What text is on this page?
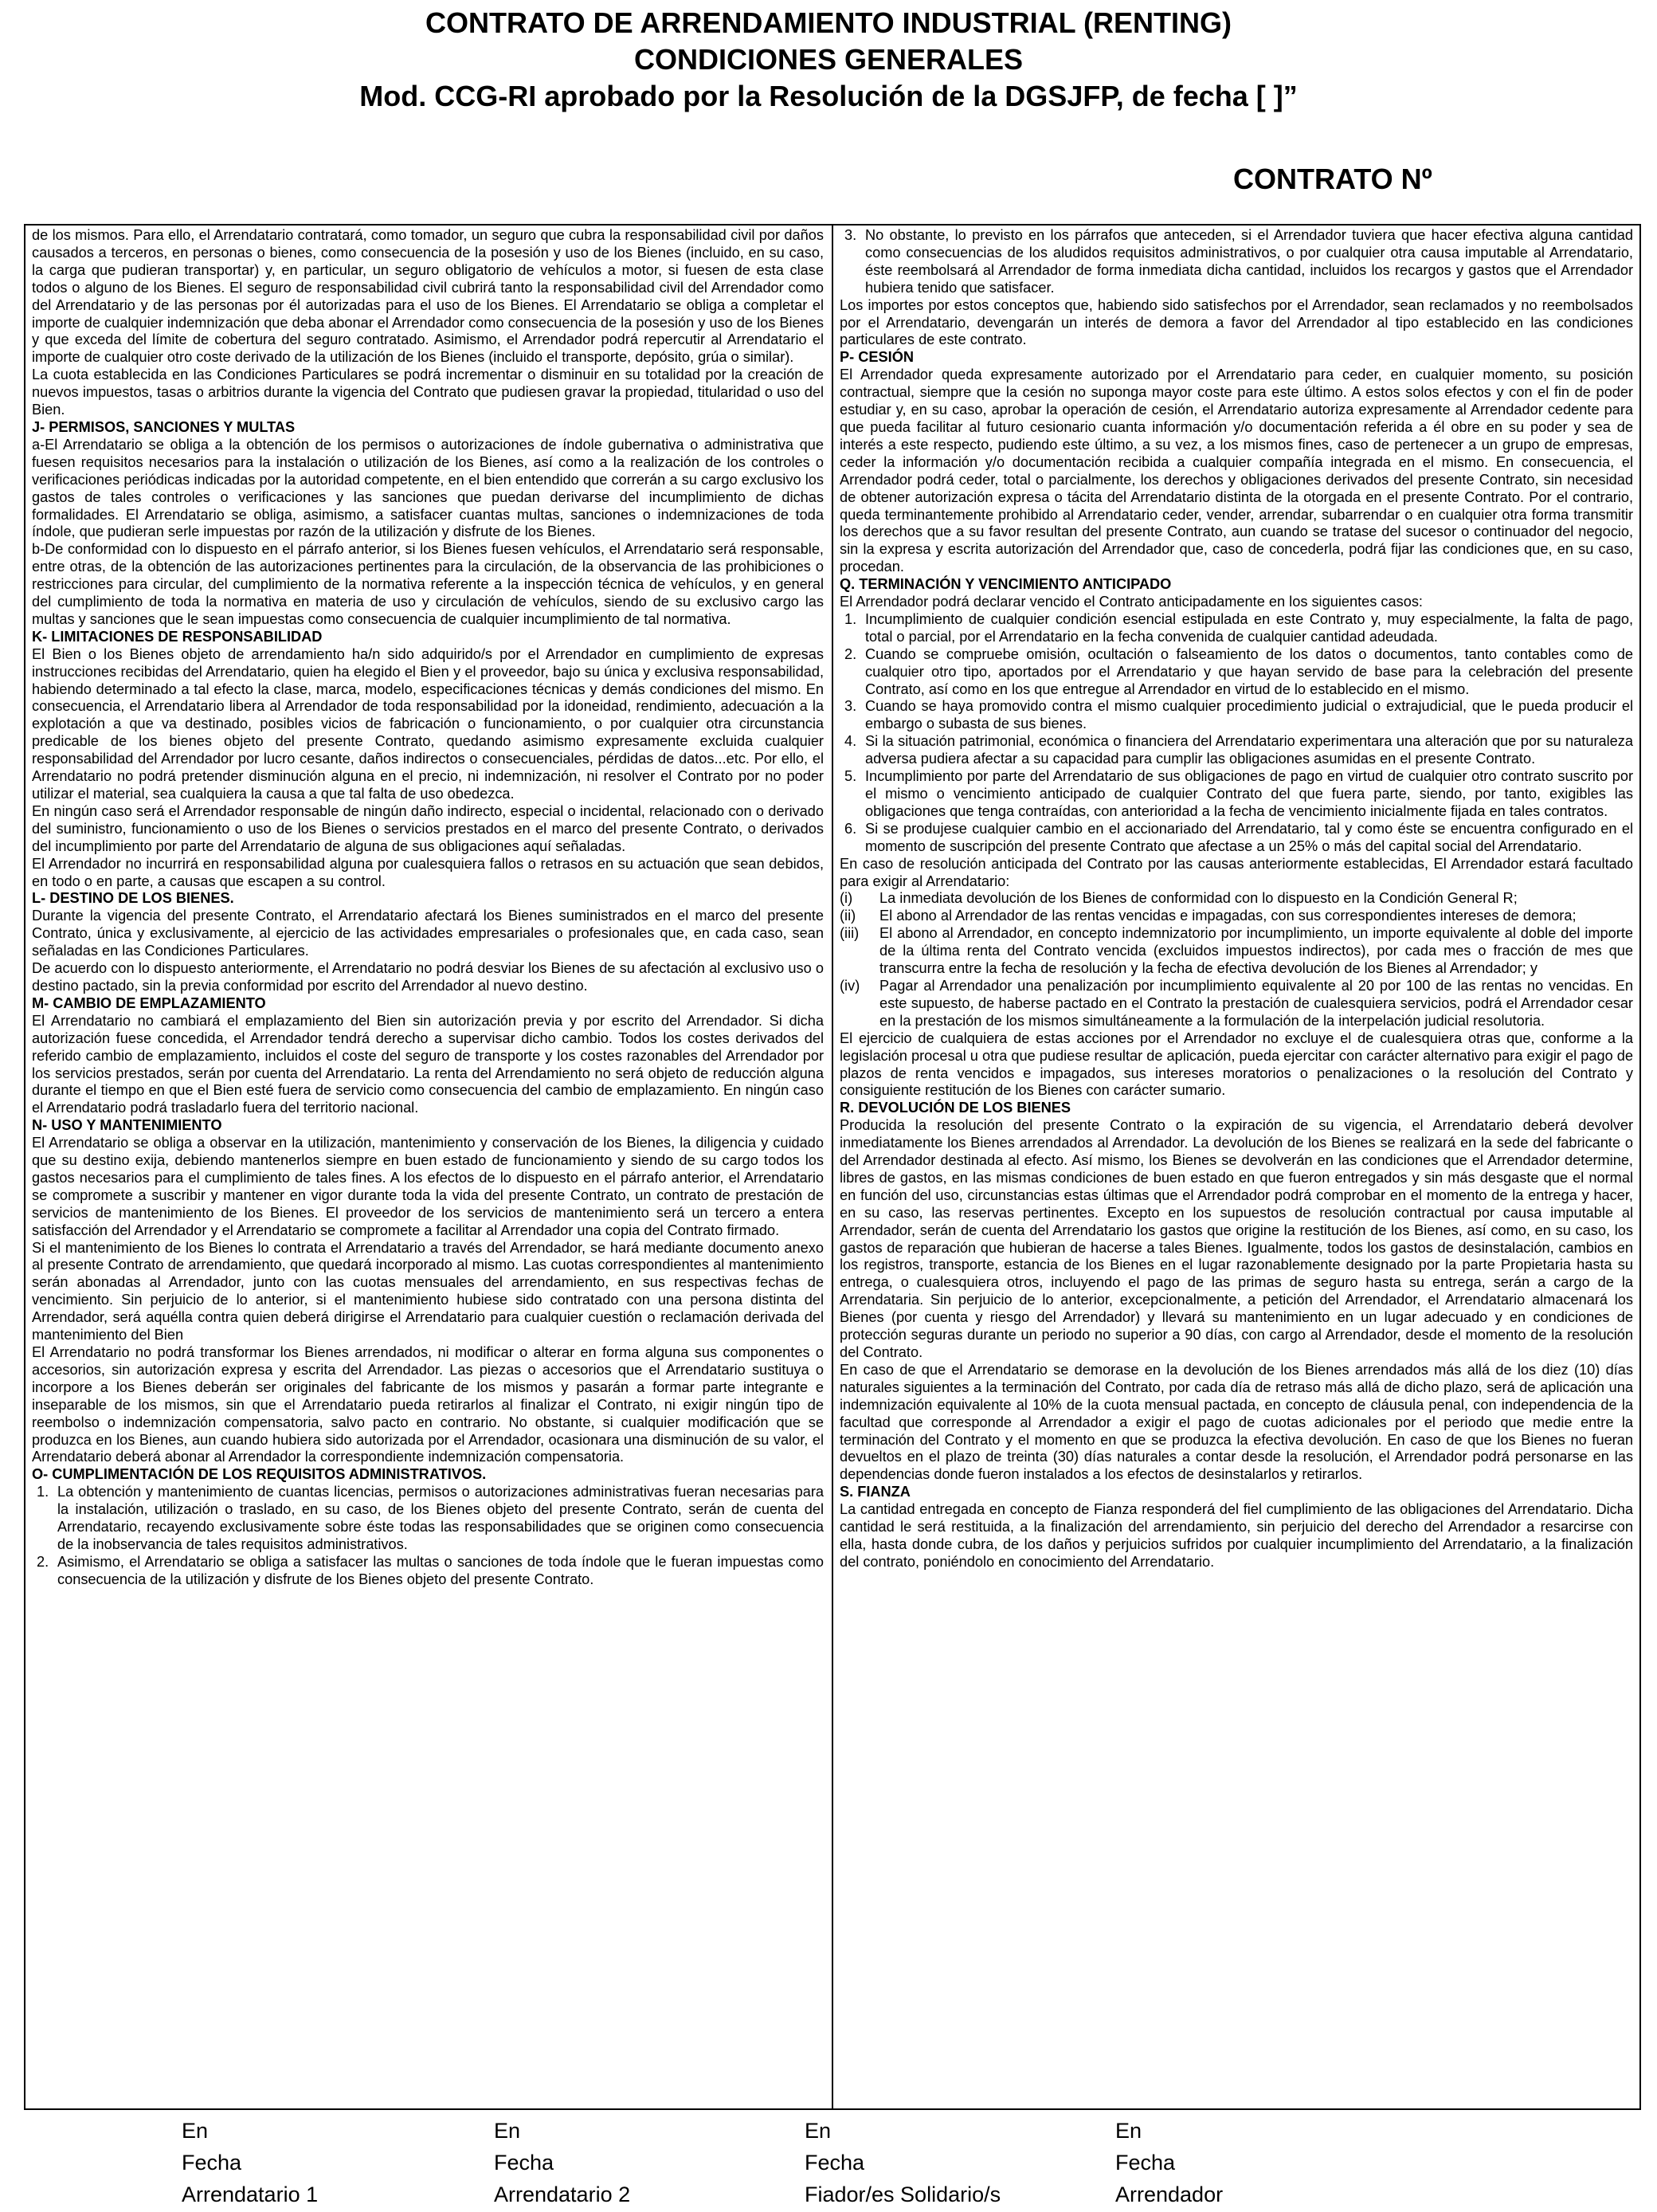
CONTRATO DE ARRENDAMIENTO INDUSTRIAL (RENTING)

CONDICIONES GENERALES

Mod. CCG-RI aprobado por la Resolución de la DGSJFP, de fecha [ ]”

CONTRATO Nº

de los mismos. Para ello, el Arrendatario contratará, como tomador, un seguro que cubra la responsabilidad civil por daños causados a terceros, en personas o bienes, como consecuencia de la posesión y uso de los Bienes (incluido, en su caso, la carga que pudieran transportar) y, en particular, un seguro obligatorio de vehículos a motor, si fuesen de esta clase todos o alguno de los Bienes. El seguro de responsabilidad civil cubrirá tanto la responsabilidad civil del Arrendador como del Arrendatario y de las personas por él autorizadas para el uso de los Bienes. El Arrendatario se obliga a completar el importe de cualquier indemnización que deba abonar el Arrendador como consecuencia de la posesión y uso de los Bienes y que exceda del límite de cobertura del seguro contratado. Asimismo, el Arrendador podrá repercutir al Arrendatario el importe de cualquier otro coste derivado de la utilización de los Bienes (incluido el transporte, depósito, grúa o similar).

La cuota establecida en las Condiciones Particulares se podrá incrementar o disminuir en su totalidad por la creación de nuevos impuestos, tasas o arbitrios durante la vigencia del Contrato que pudiesen gravar la propiedad, titularidad o uso del Bien.

J- PERMISOS, SANCIONES Y MULTAS

a-El Arrendatario se obliga a la obtención de los permisos o autorizaciones de índole gubernativa o administrativa que fuesen requisitos necesarios para la instalación o utilización de los Bienes, así como a la realización de los controles o verificaciones periódicas indicadas por la autoridad competente, en el bien entendido que correrán a su cargo exclusivo los gastos de tales controles o verificaciones y las sanciones que puedan derivarse del incumplimiento de dichas formalidades. El Arrendatario se obliga, asimismo, a satisfacer cuantas multas, sanciones o indemnizaciones de toda índole, que pudieran serle impuestas por razón de la utilización y disfrute de los Bienes.

b-De conformidad con lo dispuesto en el párrafo anterior, si los Bienes fuesen vehículos, el Arrendatario será responsable, entre otras, de la obtención de las autorizaciones pertinentes para la circulación, de la observancia de las prohibiciones o restricciones para circular, del cumplimiento de la normativa referente a la inspección técnica de vehículos, y en general del cumplimiento de toda la normativa en materia de uso y circulación de vehículos, siendo de su exclusivo cargo las multas y sanciones que le sean impuestas como consecuencia de cualquier incumplimiento de tal normativa.

K- LIMITACIONES DE RESPONSABILIDAD

El Bien o los Bienes objeto de arrendamiento ha/n sido adquirido/s por el Arrendador en cumplimiento de expresas instrucciones recibidas del Arrendatario, quien ha elegido el Bien y el proveedor, bajo su única y exclusiva responsabilidad, habiendo determinado a tal efecto la clase, marca, modelo, especificaciones técnicas y demás condiciones del mismo. En consecuencia, el Arrendatario libera al Arrendador de toda responsabilidad por la idoneidad, rendimiento, adecuación a la explotación a que va destinado, posibles vicios de fabricación o funcionamiento, o por cualquier otra circunstancia predicable de los bienes objeto del presente Contrato, quedando asimismo expresamente excluida cualquier responsabilidad del Arrendador por lucro cesante, daños indirectos o consecuenciales, pérdidas de datos...etc. Por ello, el Arrendatario no podrá pretender disminución alguna en el precio, ni indemnización, ni resolver el Contrato por no poder utilizar el material, sea cualquiera la causa a que tal falta de uso obedezca.

En ningún caso será el Arrendador responsable de ningún daño indirecto, especial o incidental, relacionado con o derivado del suministro, funcionamiento o uso de los Bienes o servicios prestados en el marco del presente Contrato, o derivados del incumplimiento por parte del Arrendatario de alguna de sus obligaciones aquí señaladas.

El Arrendador no incurrirá en responsabilidad alguna por cualesquiera fallos o retrasos en su actuación que sean debidos, en todo o en parte, a causas que escapen a su control.

L- DESTINO DE LOS BIENES.

Durante la vigencia del presente Contrato, el Arrendatario afectará los Bienes suministrados en el marco del presente Contrato, única y exclusivamente, al ejercicio de las actividades empresariales o profesionales que, en cada caso, sean señaladas en las Condiciones Particulares.

De acuerdo con lo dispuesto anteriormente, el Arrendatario no podrá desviar los Bienes de su afectación al exclusivo uso o destino pactado, sin la previa conformidad por escrito del Arrendador al nuevo destino.

M- CAMBIO DE EMPLAZAMIENTO

El Arrendatario no cambiará el emplazamiento del Bien sin autorización previa y por escrito del Arrendador. Si dicha autorización fuese concedida, el Arrendador tendrá derecho a supervisar dicho cambio. Todos los costes derivados del referido cambio de emplazamiento, incluidos el coste del seguro de transporte y los costes razonables del Arrendador por los servicios prestados, serán por cuenta del Arrendatario. La renta del Arrendamiento no será objeto de reducción alguna durante el tiempo en que el Bien esté fuera de servicio como consecuencia del cambio de emplazamiento. En ningún caso el Arrendatario podrá trasladarlo fuera del territorio nacional.

N- USO Y MANTENIMIENTO

El Arrendatario se obliga a observar en la utilización, mantenimiento y conservación de los Bienes, la diligencia y cuidado que su destino exija, debiendo mantenerlos siempre en buen estado de funcionamiento y siendo de su cargo todos los gastos necesarios para el cumplimiento de tales fines. A los efectos de lo dispuesto en el párrafo anterior, el Arrendatario se compromete a suscribir y mantener en vigor durante toda la vida del presente Contrato, un contrato de prestación de servicios de mantenimiento de los Bienes. El proveedor de los servicios de mantenimiento será un tercero a entera satisfacción del Arrendador y el Arrendatario se compromete a facilitar al Arrendador una copia del Contrato firmado.

Si el mantenimiento de los Bienes lo contrata el Arrendatario a través del Arrendador, se hará mediante documento anexo al presente Contrato de arrendamiento, que quedará incorporado al mismo. Las cuotas correspondientes al mantenimiento serán abonadas al Arrendador, junto con las cuotas mensuales del arrendamiento, en sus respectivas fechas de vencimiento. Sin perjuicio de lo anterior, si el mantenimiento hubiese sido contratado con una persona distinta del Arrendador, será aquélla contra quien deberá dirigirse el Arrendatario para cualquier cuestión o reclamación derivada del mantenimiento del Bien

El Arrendatario no podrá transformar los Bienes arrendados, ni modificar o alterar en forma alguna sus componentes o accesorios, sin autorización expresa y escrita del Arrendador. Las piezas o accesorios que el Arrendatario sustituya o incorpore a los Bienes deberán ser originales del fabricante de los mismos y pasarán a formar parte integrante e inseparable de los mismos, sin que el Arrendatario pueda retirarlos al finalizar el Contrato, ni exigir ningún tipo de reembolso o indemnización compensatoria, salvo pacto en contrario. No obstante, si cualquier modificación que se produzca en los Bienes, aun cuando hubiera sido autorizada por el Arrendador, ocasionara una disminución de su valor, el Arrendatario deberá abonar al Arrendador la correspondiente indemnización compensatoria.

O- CUMPLIMENTACIÓN DE LOS REQUISITOS ADMINISTRATIVOS.

1. La obtención y mantenimiento de cuantas licencias, permisos o autorizaciones administrativas fueran necesarias para la instalación, utilización o traslado, en su caso, de los Bienes objeto del presente Contrato, serán de cuenta del Arrendatario, recayendo exclusivamente sobre éste todas las responsabilidades que se originen como consecuencia de la inobservancia de tales requisitos administrativos.
2. Asimismo, el Arrendatario se obliga a satisfacer las multas o sanciones de toda índole que le fueran impuestas como consecuencia de la utilización y disfrute de los Bienes objeto del presente Contrato.
3. No obstante, lo previsto en los párrafos que anteceden, si el Arrendador tuviera que hacer efectiva alguna cantidad como consecuencias de los aludidos requisitos administrativos, o por cualquier otra causa imputable al Arrendatario, éste reembolsará al Arrendador de forma inmediata dicha cantidad, incluidos los recargos y gastos que el Arrendador hubiera tenido que satisfacer.

Los importes por estos conceptos que, habiendo sido satisfechos por el Arrendador, sean reclamados y no reembolsados por el Arrendatario, devengarán un interés de demora a favor del Arrendador al tipo establecido en las condiciones particulares de este contrato.

P- CESIÓN

El Arrendador queda expresamente autorizado por el Arrendatario para ceder, en cualquier momento, su posición contractual, siempre que la cesión no suponga mayor coste para este último. A estos solos efectos y con el fin de poder estudiar y, en su caso, aprobar la operación de cesión, el Arrendatario autoriza expresamente al Arrendador cedente para que pueda facilitar al futuro cesionario cuanta información y/o documentación referida a él obre en su poder y sea de interés a este respecto, pudiendo este último, a su vez, a los mismos fines, caso de pertenecer a un grupo de empresas, ceder la información y/o documentación recibida a cualquier compañía integrada en el mismo. En consecuencia, el Arrendador podrá ceder, total o parcialmente, los derechos y obligaciones derivados del presente Contrato, sin necesidad de obtener autorización expresa o tácita del Arrendatario distinta de la otorgada en el presente Contrato. Por el contrario, queda terminantemente prohibido al Arrendatario ceder, vender, arrendar, subarrendar o en cualquier otra forma transmitir los derechos que a su favor resultan del presente Contrato, aun cuando se tratase del sucesor o continuador del negocio, sin la expresa y escrita autorización del Arrendador que, caso de concederla, podrá fijar las condiciones que, en su caso, procedan.

Q. TERMINACIÓN Y VENCIMIENTO ANTICIPADO

El Arrendador podrá declarar vencido el Contrato anticipadamente en los siguientes casos:

1. Incumplimiento de cualquier condición esencial estipulada en este Contrato y, muy especialmente, la falta de pago, total o parcial, por el Arrendatario en la fecha convenida de cualquier cantidad adeudada.
2. Cuando se compruebe omisión, ocultación o falseamiento de los datos o documentos, tanto contables como de cualquier otro tipo, aportados por el Arrendatario y que hayan servido de base para la celebración del presente Contrato, así como en los que entregue al Arrendador en virtud de lo establecido en el mismo.
3. Cuando se haya promovido contra el mismo cualquier procedimiento judicial o extrajudicial, que le pueda producir el embargo o subasta de sus bienes.
4. Si la situación patrimonial, económica o financiera del Arrendatario experimentara una alteración que por su naturaleza adversa pudiera afectar a su capacidad para cumplir las obligaciones asumidas en el presente Contrato.
5. Incumplimiento por parte del Arrendatario de sus obligaciones de pago en virtud de cualquier otro contrato suscrito por el mismo o vencimiento anticipado de cualquier Contrato del que fuera parte, siendo, por tanto, exigibles las obligaciones que tenga contraídas, con anterioridad a la fecha de vencimiento inicialmente fijada en tales contratos.
6. Si se produjese cualquier cambio en el accionariado del Arrendatario, tal y como éste se encuentra configurado en el momento de suscripción del presente Contrato que afectase a un 25% o más del capital social del Arrendatario.

En caso de resolución anticipada del Contrato por las causas anteriormente establecidas, El Arrendador estará facultado para exigir al Arrendatario:

(i)	La inmediata devolución de los Bienes de conformidad con lo dispuesto en la Condición General R;
(ii)	El abono al Arrendador de las rentas vencidas e impagadas, con sus correspondientes intereses de demora;
(iii)	El abono al Arrendador, en concepto indemnizatorio por incumplimiento, un importe equivalente al doble del importe de la última renta del Contrato vencida (excluidos impuestos indirectos), por cada mes o fracción de mes que transcurra entre la fecha de resolución y la fecha de efectiva devolución de los Bienes al Arrendador; y
(iv)	Pagar al Arrendador una penalización por incumplimiento equivalente al 20 por 100 de las rentas no vencidas. En este supuesto, de haberse pactado en el Contrato la prestación de cualesquiera servicios, podrá el Arrendador cesar en la prestación de los mismos simultáneamente a la formulación de la interpelación judicial resolutoria.

El ejercicio de cualquiera de estas acciones por el Arrendador no excluye el de cualesquiera otras que, conforme a la legislación procesal u otra que pudiese resultar de aplicación, pueda ejercitar con carácter alternativo para exigir el pago de plazos de renta vencidos e impagados, sus intereses moratorios o penalizaciones o la resolución del Contrato y consiguiente restitución de los Bienes con carácter sumario.

R. DEVOLUCIÓN DE LOS BIENES

Producida la resolución del presente Contrato o la expiración de su vigencia, el Arrendatario deberá devolver inmediatamente los Bienes arrendados al Arrendador. La devolución de los Bienes se realizará en la sede del fabricante o del Arrendador destinada al efecto. Así mismo, los Bienes se devolverán en las condiciones que el Arrendador determine, libres de gastos, en las mismas condiciones de buen estado en que fueron entregados y sin más desgaste que el normal en función del uso, circunstancias estas últimas que el Arrendador podrá comprobar en el momento de la entrega y hacer, en su caso, las reservas pertinentes. Excepto en los supuestos de resolución contractual por causa imputable al Arrendador, serán de cuenta del Arrendatario los gastos que origine la restitución de los Bienes, así como, en su caso, los gastos de reparación que hubieran de hacerse a tales Bienes. Igualmente, todos los gastos de desinstalación, cambios en los registros, transporte, estancia de los Bienes en el lugar razonablemente designado por la parte Propietaria hasta su entrega, o cualesquiera otros, incluyendo el pago de las primas de seguro hasta su entrega, serán a cargo de la Arrendataria. Sin perjuicio de lo anterior, excepcionalmente, a petición del Arrendador, el Arrendatario almacenará los Bienes (por cuenta y riesgo del Arrendador) y llevará su mantenimiento en un lugar adecuado y en condiciones de protección seguras durante un periodo no superior a 90 días, con cargo al Arrendador, desde el momento de la resolución del Contrato.

En caso de que el Arrendatario se demorase en la devolución de los Bienes arrendados más allá de los diez (10) días naturales siguientes a la terminación del Contrato, por cada día de retraso más allá de dicho plazo, será de aplicación una indemnización equivalente al 10% de la cuota mensual pactada, en concepto de cláusula penal, con independencia de la facultad que corresponde al Arrendador a exigir el pago de cuotas adicionales por el periodo que medie entre la terminación del Contrato y el momento en que se produzca la efectiva devolución. En caso de que los Bienes no fueran devueltos en el plazo de treinta (30) días naturales a contar desde la resolución, el Arrendador podrá personarse en las dependencias donde fueron instalados a los efectos de desinstalarlos y retirarlos.

S. FIANZA

La cantidad entregada en concepto de Fianza responderá del fiel cumplimiento de las obligaciones del Arrendatario. Dicha cantidad le será restituida, a la finalización del arrendamiento, sin perjuicio del derecho del Arrendador a resarcirse con ella, hasta donde cubra, de los daños y perjuicios sufridos por cualquier incumplimiento del Arrendatario, a la finalización del contrato, poniéndolo en conocimiento del Arrendatario.

En

Fecha

Arrendatario 1

En

Fecha

Arrendatario 2

En

Fecha

Fiador/es Solidario/s

En

Fecha

Arrendador
